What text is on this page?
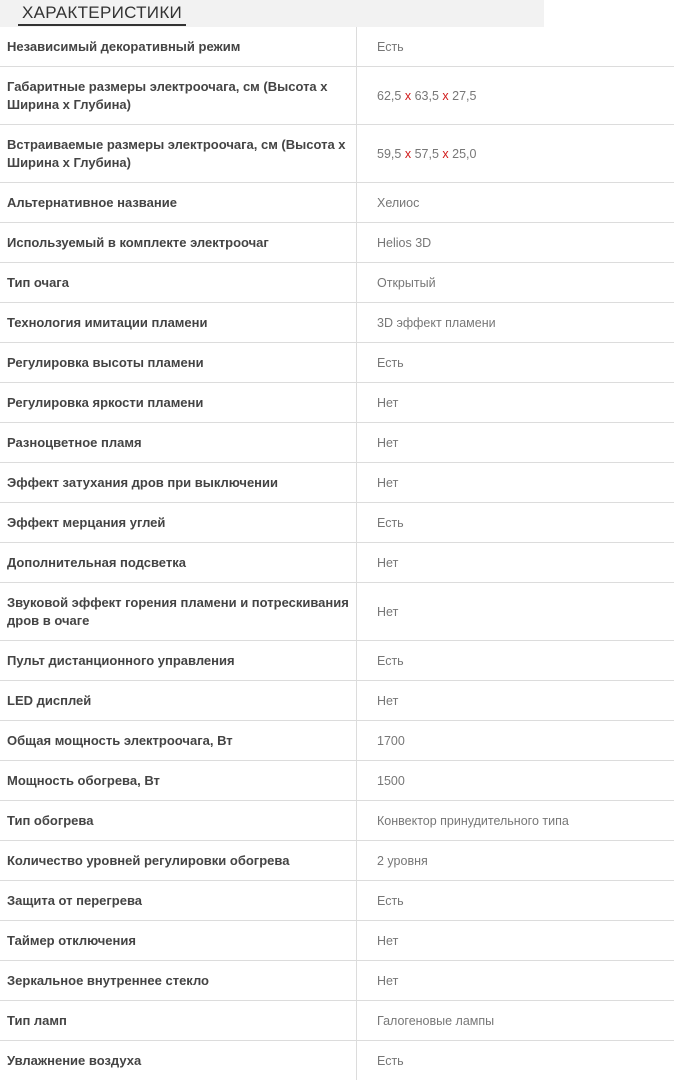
ХАРАКТЕРИСТИКИ
Независимый декоративный режим	Есть
Габаритные размеры электроочага, см (Высота х Ширина х Глубина)	62,5 x 63,5 x 27,5
Встраиваемые размеры электроочага, см (Высота х Ширина х Глубина)	59,5 x 57,5 x 25,0
Альтернативное название	Хелиос
Используемый в комплекте электроочаг	Helios 3D
Тип очага	Открытый
Технология имитации пламени	3D эффект пламени
Регулировка высоты пламени	Есть
Регулировка яркости пламени	Нет
Разноцветное пламя	Нет
Эффект затухания дров при выключении	Нет
Эффект мерцания углей	Есть
Дополнительная подсветка	Нет
Звуковой эффект горения пламени и потрескивания дров в очаге	Нет
Пульт дистанционного управления	Есть
LED дисплей	Нет
Общая мощность электроочага, Вт	1700
Мощность обогрева, Вт	1500
Тип обогрева	Конвектор принудительного типа
Количество уровней регулировки обогрева	2 уровня
Защита от перегрева	Есть
Таймер отключения	Нет
Зеркальное внутреннее стекло	Нет
Тип ламп	Галогеновые лампы
Увлажнение воздуха	Есть
